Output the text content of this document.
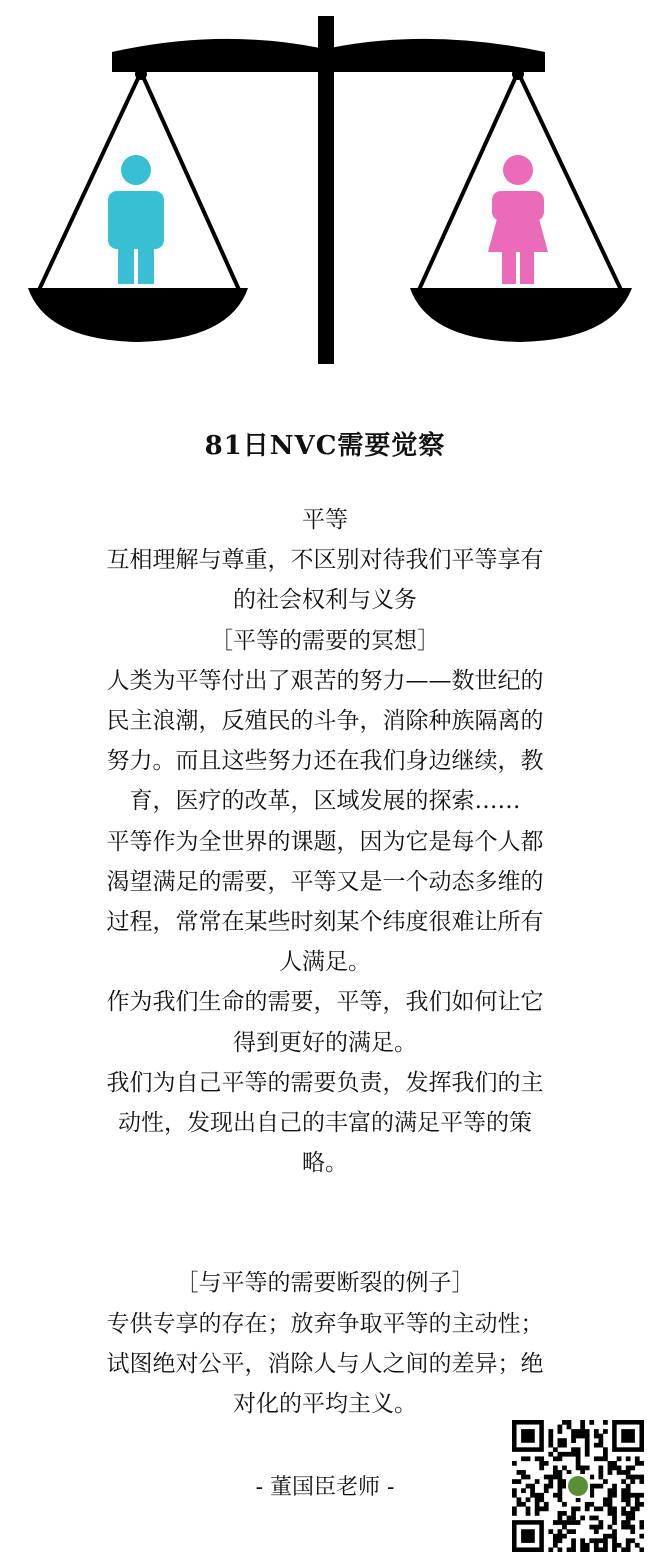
81日NVC需要觉察

平等

互相理解与尊重，不区别对待我们平等享有

的社会权利与义务

［平等的需要的冥想］

人类为平等付出了艰苦的努力——数世纪的

民主浪潮，反殖民的斗争，消除种族隔离的

努力。而且这些努力还在我们身边继续，教

育，医疗的改革，区域发展的探索……

平等作为全世界的课题，因为它是每个人都

渴望满足的需要，平等又是一个动态多维的

过程，常常在某些时刻某个纬度很难让所有

人满足。

作为我们生命的需要，平等，我们如何让它

得到更好的满足。

我们为自己平等的需要负责，发挥我们的主

动性，发现出自己的丰富的满足平等的策

略。

［与平等的需要断裂的例子］

专供专享的存在；放弃争取平等的主动性；

试图绝对公平，消除人与人之间的差异；绝

对化的平均主义。

- 董国臣老师 -
